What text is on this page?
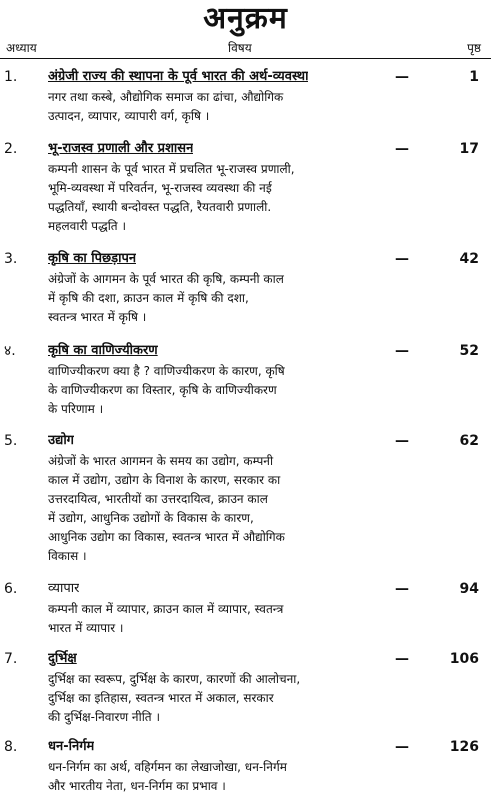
अनुक्रम
अध्याय	विषय	पृष्ठ
1. अंग्रेजी राज्य की स्थापना के पूर्व भारत की अर्थ-व्यवस्था	—	1
नगर तथा कस्बे, औद्योगिक समाज का ढांचा, औद्योगिक
उत्पादन, व्यापार, व्यापारी वर्ग, कृषि ।
2. भू-राजस्व प्रणाली और प्रशासन	—	17
कम्पनी शासन के पूर्व भारत में प्रचलित भू-राजस्व प्रणाली,
भूमि-व्यवस्था में परिवर्तन, भू-राजस्व व्यवस्था की नई
पद्धतियाँ, स्थायी बन्दोवस्त पद्धति, रैयतवारी प्रणाली.
महलवारी पद्धति ।
3. कृषि का पिछड़ापन	—	42
अंग्रेजों के आगमन के पूर्व भारत की कृषि, कम्पनी काल
में कृषि की दशा, क्राउन काल में कृषि की दशा,
स्वतन्त्र भारत में कृषि ।
४. कृषि का वाणिज्यीकरण	—	52
वाणिज्यीकरण क्या है ? वाणिज्यीकरण के कारण, कृषि
के वाणिज्यीकरण का विस्तार, कृषि के वाणिज्यीकरण
के परिणाम ।
5. उद्योग	—	62
अंग्रेजों के भारत आगमन के समय का उद्योग, कम्पनी
काल में उद्योग, उद्योग के विनाश के कारण, सरकार का
उत्तरदायित्व, भारतीयों का उत्तरदायित्व, क्राउन काल
में उद्योग, आधुनिक उद्योगों के विकास के कारण,
आधुनिक उद्योग का विकास, स्वतन्त्र भारत में औद्योगिक
विकास ।
6. व्यापार	—	94
कम्पनी काल में व्यापार, क्राउन काल में व्यापार, स्वतन्त्र
भारत में व्यापार ।
7. दुर्भिक्ष	—	106
दुर्भिक्ष का स्वरूप, दुर्भिक्ष के कारण, कारणों की आलोचना,
दुर्भिक्ष का इतिहास, स्वतन्त्र भारत में अकाल, सरकार
की दुर्भिक्ष-निवारण नीति ।
8. धन-निर्गम	—	126
धन-निर्गम का अर्थ, वहिर्गमन का लेखाजोखा, धन-निर्गम
और भारतीय नेता, धन-निर्गम का प्रभाव ।
